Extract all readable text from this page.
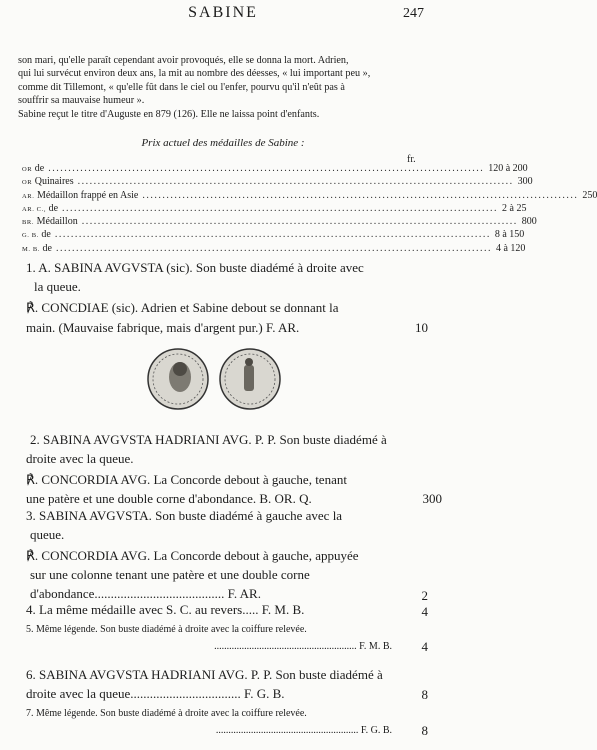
SABINE	247

son mari, qu'elle paraît cependant avoir provoqués, elle se donna la mort. Adrien,

qui lui survécut environ deux ans, la mit au nombre des déesses, « lui important peu »,

comme dit Tillemont, « qu'elle fût dans le ciel ou l'enfer, pourvu qu'il n'eût pas à

souffrir sa mauvaise humeur ».

Sabine reçut le titre d'Auguste en 879 (126). Elle ne laissa point d'enfants.

Prix actuel des médailles de Sabine :
fr.
OR de ............................................................................................................. 120 à 200
OR Quinaires ............................................................................................................. 300
AR. Médaillon frappé en Asie ............................................................................................................. 250
AR. C., de ............................................................................................................. 2 à 25
BR. Médaillon ............................................................................................................. 800
G. B. de ............................................................................................................. 8 à 150
M. B. de ............................................................................................................. 4 à 120
1. A. SABINA AVGVSTA (sic). Son buste diadémé à droite avec
la queue.
℟. CONCDIAE (sic). Adrien et Sabine debout se donnant la
main. (Mauvaise fabrique, mais d'argent pur.) F. AR.	10
2. SABINA AVGVSTA HADRIANI AVG. P. P. Son buste diadémé à
droite avec la queue.
℟. CONCORDIA AVG. La Concorde debout à gauche, tenant
une patère et une double corne d'abondance. B. OR. Q.	300
3. SABINA AVGVSTA. Son buste diadémé à gauche avec la
queue.
℟. CONCORDIA AVG. La Concorde debout à gauche, appuyée
sur une colonne tenant une patère et une double corne
d'abondance........................................ F. AR.	2
4. La même médaille avec S. C. au revers..... F. M. B.	4
5. Même légende. Son buste diadémé à droite avec la coiffure relevée.
......................................................... F. M. B. 4
6. SABINA AVGVSTA HADRIANI AVG. P. P. Son buste diadémé à
droite avec la queue.................................. F. G. B.	8
7. Même légende. Son buste diadémé à droite avec la coiffure relevée.
......................................................... F. G. B. 8
